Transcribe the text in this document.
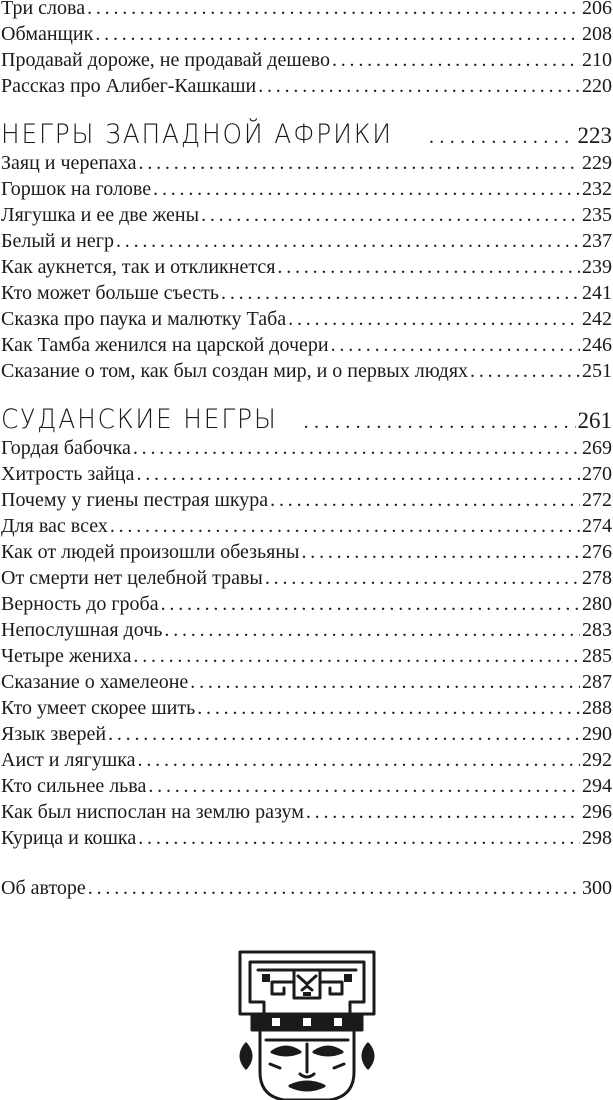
Три слова . . .	206
Обманщик . . .	208
Продавай дороже, не продавай дешево . . .	210
Рассказ про Алибег-Кашкаши . . .	220
НЕГРЫ ЗАПАДНОЙ АФРИКИ . . .	223
Заяц и черепаха . . .	229
Горшок на голове . . .	232
Лягушка и ее две жены . . .	235
Белый и негр . . .	237
Как аукнется, так и откликнется . . .	239
Кто может больше съесть . . .	241
Сказка про паука и малютку Таба . . .	242
Как Тамба женился на царской дочери . . .	246
Сказание о том, как был создан мир, и о первых людях . . .	251
СУДАНСКИЕ НЕГРЫ . . .	261
Гордая бабочка . . .	269
Хитрость зайца . . .	270
Почему у гиены пестрая шкура . . .	272
Для вас всех . . .	274
Как от людей произошли обезьяны . . .	276
От смерти нет целебной травы . . .	278
Верность до гроба . . .	280
Непослушная дочь . . .	283
Четыре жениха . . .	285
Сказание о хамелеоне . . .	287
Кто умеет скорее шить . . .	288
Язык зверей . . .	290
Аист и лягушка . . .	292
Кто сильнее льва . . .	294
Как был ниспослан на землю разум . . .	296
Курица и кошка . . .	298
Об авторе . . .	300
